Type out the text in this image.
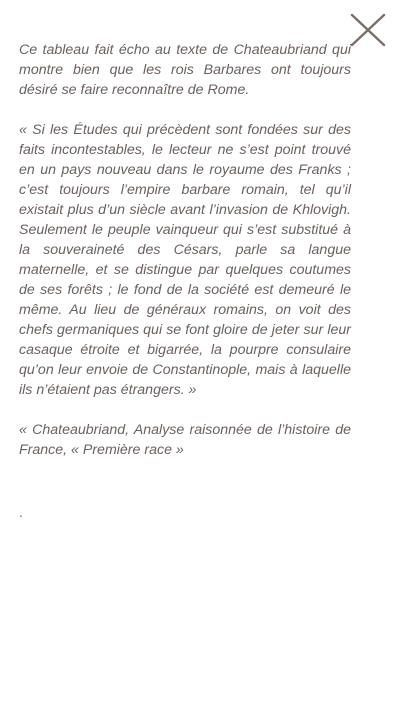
Ce tableau fait écho au texte de Chateaubriand qui montre bien que les rois Barbares ont toujours désiré se faire reconnaître de Rome.

« Si les Études qui précèdent sont fondées sur des faits incontestables, le lecteur ne s’est point trouvé en un pays nouveau dans le royaume des Franks ; c’est toujours l’empire barbare romain, tel qu’il existait plus d’un siècle avant l’invasion de Khlovigh. Seulement le peuple vainqueur qui s’est substitué à la souveraineté des Césars, parle sa langue maternelle, et se distingue par quelques coutumes de ses forêts ; le fond de la société est demeuré le même. Au lieu de généraux romains, on voit des chefs germaniques qui se font gloire de jeter sur leur casaque étroite et bigarrée, la pourpre consulaire qu’on leur envoie de Constantinople, mais à laquelle ils n’étaient pas étrangers. »

« Chateaubriand, Analyse raisonnée de l’histoire de France, « Première race »

.
